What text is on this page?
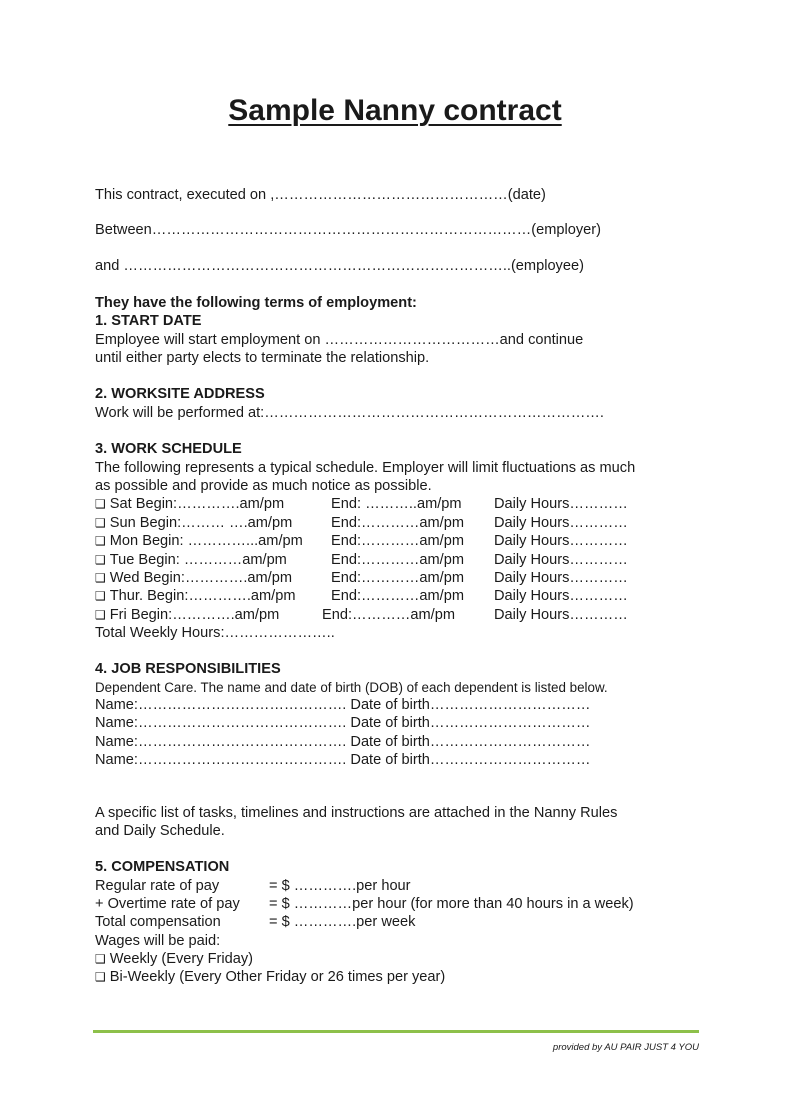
Sample Nanny contract
This contract, executed on ,…………………………………………(date)
Between……………………………………………………………………(employer)
and ……………………………………………………………………..(employee)
They have the following terms of employment:
1. START DATE
Employee will start employment on ………………………………and continue
until either party elects to terminate the relationship.
2. WORKSITE ADDRESS
Work will be performed at:…………………………………………………………….
3. WORK SCHEDULE
The following represents a typical schedule. Employer will limit fluctuations as much
as possible and provide as much notice as possible.
❑ Sat Begin:………….am/pm	End: ………..am/pm Daily Hours…………
❑ Sun Begin:……… ….am/pm	End:…………am/pm Daily Hours…………
❑ Mon Begin: …………...am/pm End:…………am/pm Daily Hours…………
❑ Tue Begin: …………am/pm	End:…………am/pm Daily Hours…………
❑ Wed Begin:………….am/pm	End:…………am/pm Daily Hours…………
❑ Thur. Begin:………….am/pm End:…………am/pm Daily Hours…………
❑ Fri Begin:………….am/pm	End:…………am/pm	Daily Hours…………
Total Weekly Hours:…………………..
4. JOB RESPONSIBILITIES
Dependent Care. The name and date of birth (DOB) of each dependent is listed below.
Name:……………………………………. Date of birth……………………………
Name:……………………………………. Date of birth……………………………
Name:……………………………………. Date of birth……………………………
Name:……………………………………. Date of birth……………………………
A specific list of tasks, timelines and instructions are attached in the Nanny Rules
and Daily Schedule.
5. COMPENSATION
Regular rate of pay	= $ ………….per hour
+ Overtime rate of pay = $ …………per hour (for more than 40 hours in a week)
Total compensation	= $ ………….per week
Wages will be paid:
❑ Weekly (Every Friday)
❑ Bi-Weekly (Every Other Friday or 26 times per year)
provided by AU PAIR JUST 4 YOU
